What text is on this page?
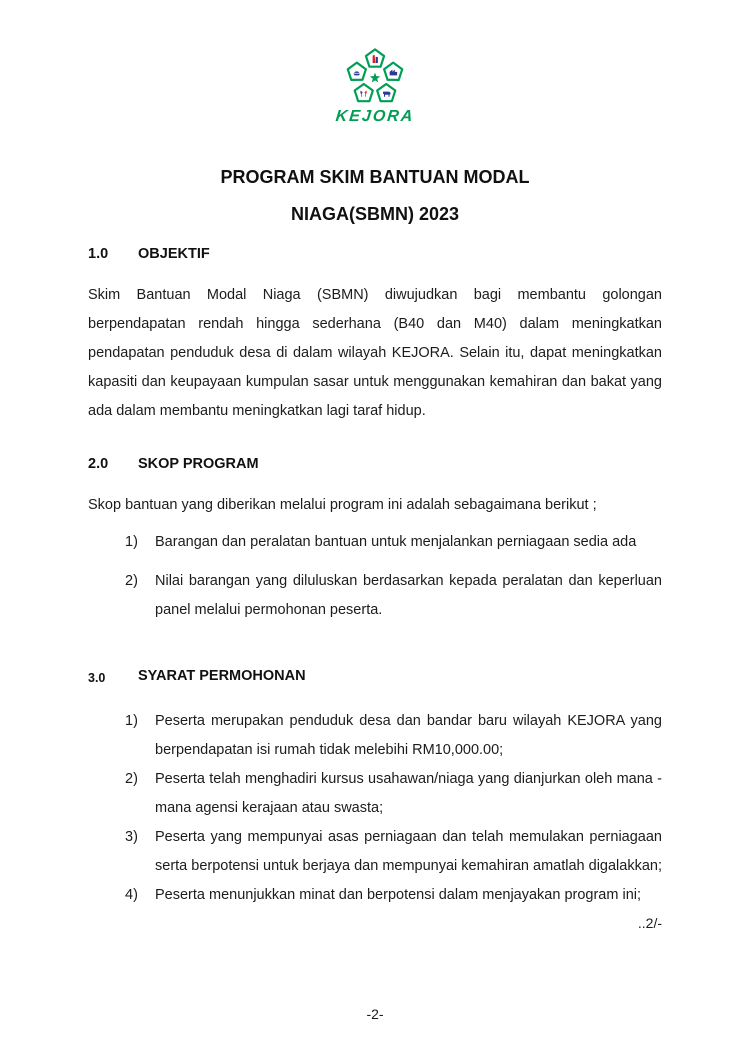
KEJORA
PROGRAM SKIM BANTUAN MODAL
NIAGA(SBMN) 2023
1.0	OBJEKTIF

Skim Bantuan Modal Niaga (SBMN) diwujudkan bagi membantu golongan berpendapatan rendah hingga sederhana (B40 dan M40) dalam meningkatkan pendapatan penduduk desa di dalam wilayah KEJORA. Selain itu, dapat meningkatkan kapasiti dan keupayaan kumpulan sasar untuk menggunakan kemahiran dan bakat yang ada dalam membantu meningkatkan lagi taraf hidup.

2.0	SKOP PROGRAM

Skop bantuan yang diberikan melalui program ini adalah sebagaimana berikut ;

1)	Barangan dan peralatan bantuan untuk menjalankan perniagaan sedia ada
2)	Nilai barangan yang diluluskan berdasarkan kepada peralatan dan keperluan panel melalui permohonan peserta.
3.0	SYARAT PERMOHONAN
1)	Peserta merupakan penduduk desa dan bandar baru wilayah KEJORA yang berpendapatan isi rumah tidak melebihi RM10,000.00;
2)	Peserta telah menghadiri kursus usahawan/niaga yang dianjurkan oleh mana - mana agensi kerajaan atau swasta;
3)	Peserta yang mempunyai asas perniagaan dan telah memulakan perniagaan serta berpotensi untuk berjaya dan mempunyai kemahiran amatlah digalakkan;
4)	Peserta menunjukkan minat dan berpotensi dalam menjayakan program ini;
..2/-
-2-
